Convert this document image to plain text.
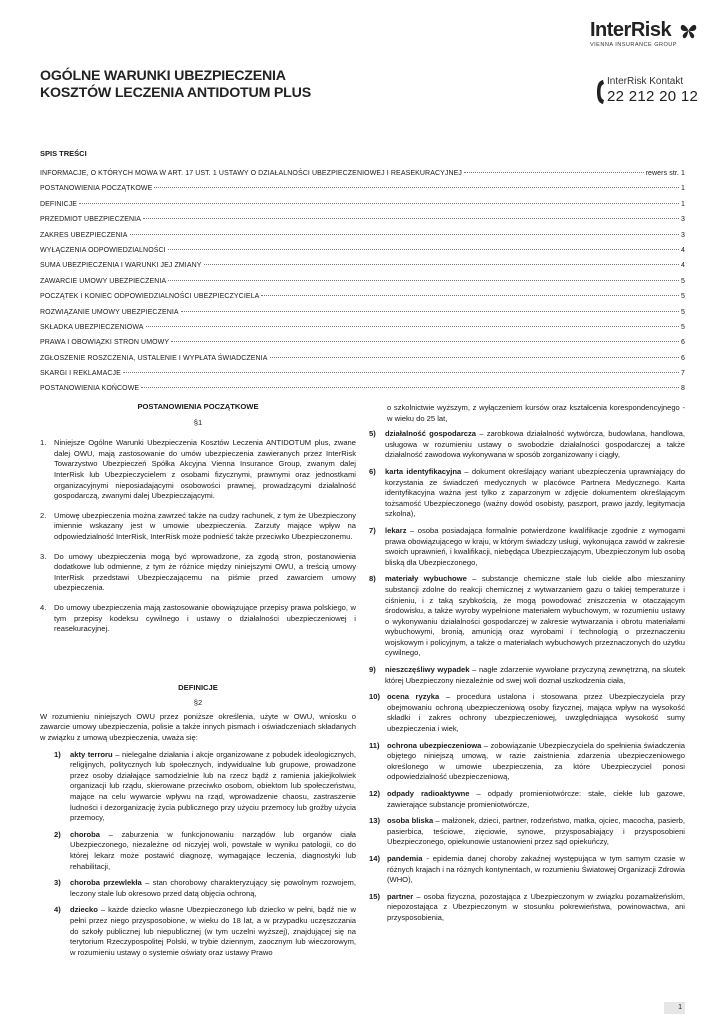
InterRisk
VIENNA INSURANCE GROUP
OGÓLNE WARUNKI UBEZPIECZENIA
KOSZTÓW LECZENIA ANTIDOTUM PLUS
InterRisk Kontakt
22 212 20 12
SPIS TREŚCI
INFORMACJE, O KTÓRYCH MOWA W ART. 17 UST. 1 USTAWY O DZIAŁALNOŚCI UBEZPIECZENIOWEJ I REASEKURACYJNEJ	rewers str. 1
POSTANOWIENIA POCZĄTKOWE	1
DEFINICJE	1
PRZEDMIOT UBEZPIECZENIA	3
ZAKRES UBEZPIECZENIA	3
WYŁĄCZENIA ODPOWIEDZIALNOŚCI	4
SUMA UBEZPIECZENIA I WARUNKI JEJ ZMIANY	4
ZAWARCIE UMOWY UBEZPIECZENIA	5
POCZĄTEK I KONIEC ODPOWIEDZIALNOŚCI UBEZPIECZYCIELA	5
ROZWIĄZANIE UMOWY UBEZPIECZENIA	5
SKŁADKA UBEZPIECZENIOWA	5
PRAWA I OBOWIĄZKI STRON UMOWY	6
ZGŁOSZENIE ROSZCZENIA, USTALENIE I WYPŁATA ŚWIADCZENIA	6
SKARGI I REKLAMACJE	7
POSTANOWIENIA KOŃCOWE	8

POSTANOWIENIA POCZĄTKOWE

§1

1.	Niniejsze Ogólne Warunki Ubezpieczenia Kosztów Leczenia ANTIDOTUM plus, zwane dalej OWU, mają zastosowanie do umów ubezpieczenia zawieranych przez InterRisk Towarzystwo Ubezpieczeń Spółka Akcyjna Vienna Insurance Group, zwanym dalej InterRisk lub Ubezpieczycielem z osobami fizycznymi, prawnymi oraz jednostkami organizacyjnymi nieposiadającymi osobowości prawnej, prowadzącymi działalność gospodarczą, zwanymi dalej Ubezpieczającymi.
2.	Umowę ubezpieczenia można zawrzeć także na cudzy rachunek, z tym że Ubezpieczony imiennie wskazany jest w umowie ubezpieczenia. Zarzuty mające wpływ na odpowiedzialność InterRisk, InterRisk może podnieść także przeciwko Ubezpieczonemu.
3.	Do umowy ubezpieczenia mogą być wprowadzone, za zgodą stron, postanowienia dodatkowe lub odmienne, z tym że różnice między niniejszymi OWU, a treścią umowy InterRisk przedstawi Ubezpieczającemu na piśmie przed zawarciem umowy ubezpieczenia.
4.	Do umowy ubezpieczenia mają zastosowanie obowiązujące przepisy prawa polskiego, w tym przepisy kodeksu cywilnego i ustawy o działalności ubezpieczeniowej i reasekuracyjnej.

DEFINICJE

§2

W rozumieniu niniejszych OWU przez poniższe określenia, użyte w OWU, wniosku o zawarcie umowy ubezpieczenia, polisie a także innych pismach i oświadczeniach składanych w związku z umową ubezpieczenia, uważa się:
1)	akty terroru – nielegalne działania i akcje organizowane z pobudek ideologicznych, religijnych, politycznych lub społecznych, indywidualne lub grupowe, prowadzone przez osoby działające samodzielnie lub na rzecz bądź z ramienia jakiejkolwiek organizacji lub rządu, skierowane przeciwko osobom, obiektom lub społeczeństwu, mające na celu wywarcie wpływu na rząd, wprowadzenie chaosu, zastraszenie ludności i dezorganizację życia publicznego przy użyciu przemocy lub groźby użycia przemocy,
2)	choroba – zaburzenia w funkcjonowaniu narządów lub organów ciała Ubezpieczonego, niezależne od niczyjej woli, powstałe w wyniku patologii, co do której lekarz może postawić diagnozę, wymagające leczenia, diagnostyki lub rehabilitacji,
3)	choroba przewlekła – stan chorobowy charakteryzujący się powolnym rozwojem, leczony stale lub okresowo przed datą objęcia ochroną,
4)	dziecko – każde dziecko własne Ubezpieczonego lub dziecko w pełni, bądź nie w pełni przez niego przysposobione, w wieku do 18 lat, a w przypadku uczęszczania do szkoły publicznej lub niepublicznej (w tym uczelni wyższej), znajdującej się na terytorium Rzeczypospolitej Polski, w trybie dziennym, zaocznym lub wieczorowym, w rozumieniu ustawy o systemie oświaty oraz ustawy Prawo
o szkolnictwie wyższym, z wyłączeniem kursów oraz kształcenia korespondencyjnego - w wieku do 25 lat,
5)	działalność gospodarcza – zarobkowa działalność wytwórcza, budowlana, handlowa, usługowa w rozumieniu ustawy o swobodzie działalności gospodarczej a także działalność zawodowa wykonywana w sposób zorganizowany i ciągły,
6)	karta identyfikacyjna – dokument określający wariant ubezpieczenia uprawniający do korzystania ze świadczeń medycznych w placówce Partnera Medycznego. Karta identyfikacyjna ważna jest tylko z zaparzonym w zdjęcie dokumentem określającym tożsamość Ubezpieczonego (ważny dowód osobisty, paszport, prawo jazdy, legitymacja szkolna),
7)	lekarz – osoba posiadająca formalnie potwierdzone kwalifikacje zgodnie z wymogami prawa obowiązującego w kraju, w którym świadczy usługi, wykonująca zawód w zakresie swoich uprawnień, i kwalifikacji, niebędąca Ubezpieczającym, Ubezpieczonym lub osobą bliską dla Ubezpieczonego,
8)	materiały wybuchowe – substancje chemiczne stałe lub ciekłe albo mieszaniny substancji zdolne do reakcji chemicznej z wytwarzaniem gazu o takiej temperaturze i ciśnieniu, i z taką szybkością, że mogą powodować zniszczenia w otaczającym środowisku, a także wyroby wypełnione materiałem wybuchowym, w rozumieniu ustawy o wykonywaniu działalności gospodarczej w zakresie wytwarzania i obrotu materiałami wybuchowymi, bronią, amunicją oraz wyrobami i technologią o przeznaczeniu wojskowym i policyjnym, a także o materiałach wybuchowych przeznaczonych do użytku cywilnego,
9)	nieszczęśliwy wypadek – nagłe zdarzenie wywołane przyczyną zewnętrzną, na skutek której Ubezpieczony niezależnie od swej woli doznał uszkodzenia ciała,
10) ocena ryzyka – procedura ustalona i stosowana przez Ubezpieczyciela przy obejmowaniu ochroną ubezpieczeniową osoby fizycznej, mająca wpływ na wysokość składki i zakres ochrony ubezpieczeniowej, uwzględniająca wysokość sumy ubezpieczenia i wiek,
11) ochrona ubezpieczeniowa – zobowiązanie Ubezpieczyciela do spełnienia świadczenia objętego niniejszą umową, w razie zaistnienia zdarzenia ubezpieczeniowego określonego w umowie ubezpieczenia, za które Ubezpieczyciel ponosi odpowiedzialność ubezpieczeniową,
12) odpady radioaktywne – odpady promieniotwórcze: stałe, ciekłe lub gazowe, zawierające substancje promieniotwórcze,
13) osoba bliska – małżonek, dzieci, partner, rodzeństwo, matka, ojciec, macocha, pasierb, pasierbica, teściowe, zięciowie, synowe, przysposabiający i przysposobieni Ubezpieczonego, opiekunowie ustanowieni przez sąd opiekuńczy,
14) pandemia - epidemia danej choroby zakaźnej występująca w tym samym czasie w różnych krajach i na różnych kontynentach, w rozumieniu Światowej Organizacji Zdrowia (WHO),
15) partner – osoba fizyczna, pozostająca z Ubezpieczonym w związku pozamałżeńskim, niepozostająca z Ubezpieczonym w stosunku pokrewieństwa, powinowactwa, ani przysposobienia,
1
